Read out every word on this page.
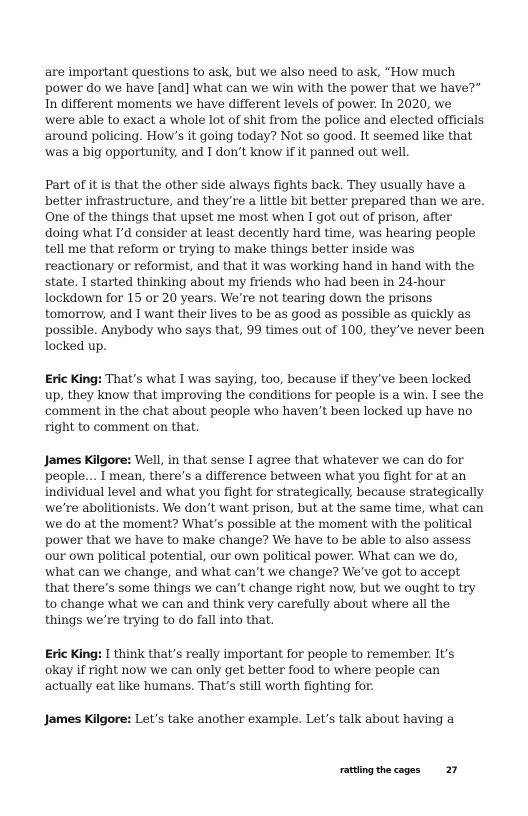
are important questions to ask, but we also need to ask, “How much power do we have [and] what can we win with the power that we have?” In different moments we have different levels of power. In 2020, we were able to exact a whole lot of shit from the police and elected officials around policing. How’s it going today? Not so good. It seemed like that was a big opportunity, and I don’t know if it panned out well.

Part of it is that the other side always fights back. They usually have a better infrastructure, and they’re a little bit better prepared than we are. One of the things that upset me most when I got out of prison, after doing what I’d consider at least decently hard time, was hearing people tell me that reform or trying to make things better inside was reactionary or reformist, and that it was working hand in hand with the state. I started thinking about my friends who had been in 24-hour lockdown for 15 or 20 years. We’re not tearing down the prisons tomorrow, and I want their lives to be as good as possible as quickly as possible. Anybody who says that, 99 times out of 100, they’ve never been locked up.

Eric King: That’s what I was saying, too, because if they’ve been locked up, they know that improving the conditions for people is a win. I see the comment in the chat about people who haven’t been locked up have no right to comment on that.

James Kilgore: Well, in that sense I agree that whatever we can do for people… I mean, there’s a difference between what you fight for at an individual level and what you fight for strategically, because strategically we’re abolitionists. We don’t want prison, but at the same time, what can we do at the moment? What’s possible at the moment with the political power that we have to make change? We have to be able to also assess our own political potential, our own political power. What can we do, what can we change, and what can’t we change? We’ve got to accept that there’s some things we can’t change right now, but we ought to try to change what we can and think very carefully about where all the things we’re trying to do fall into that.

Eric King: I think that’s really important for people to remember. It’s okay if right now we can only get better food to where people can actually eat like humans. That’s still worth fighting for.

James Kilgore: Let’s take another example. Let’s talk about having a

rattling the cages	27
